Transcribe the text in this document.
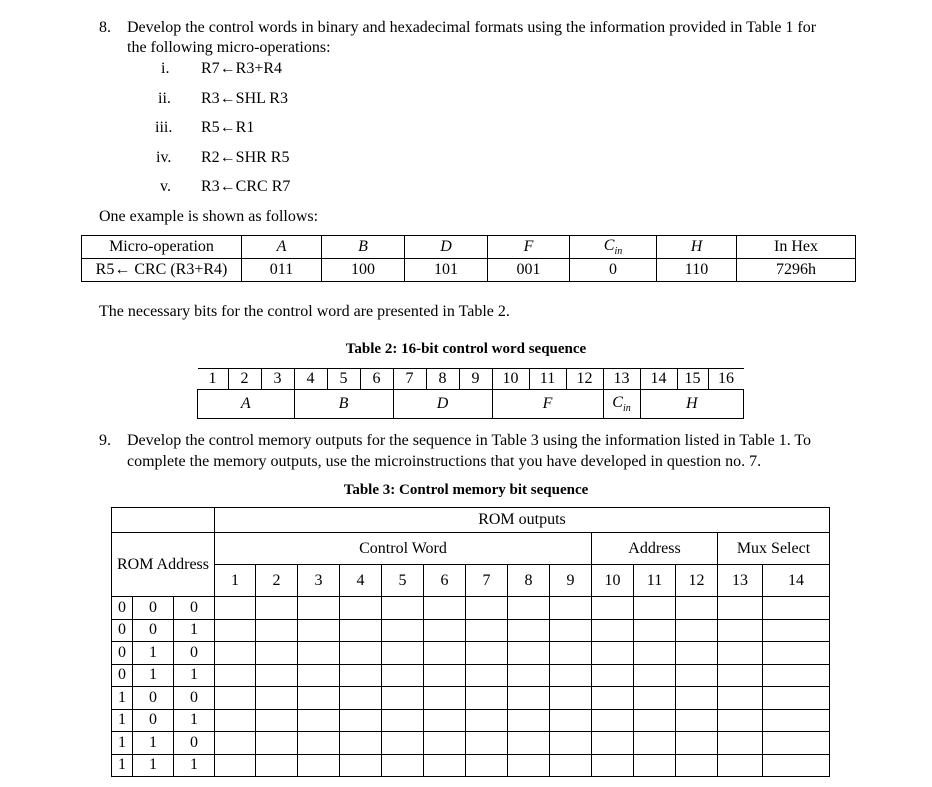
8. Develop the control words in binary and hexadecimal formats using the information provided in Table 1 for
the following micro-operations:
i. R7←R3+R4
ii. R3←SHL R3
iii. R5←R1
iv. R2←SHR R5
v. R3←CRC R7
One example is shown as follows:
Micro-operation	A	B	D	F	$C_{in}$	H	In Hex
R5← CRC (R3+R4)	011	100	101	001	0	110	7296h
The necessary bits for the control word are presented in Table 2.
Table 2: 16-bit control word sequence
1	2	3	4	5	6	7	8	9	10	11	12	13	14	15	16
A			B			D			F			$C_{in}$	H		
9. Develop the control memory outputs for the sequence in Table 3 using the information listed in Table 1. To
complete the memory outputs, use the microinstructions that you have developed in question no. 7.
Table 3: Control memory bit sequence
			ROM outputs													
ROM Address			Control Word									Address			Mux Select	
			1	2	3	4	5	6	7	8	9	10	11	12	13	14
0	0	0														
0	0	1														
0	1	0														
0	1	1														
1	0	0														
1	0	1														
1	1	0														
1	1	1														
